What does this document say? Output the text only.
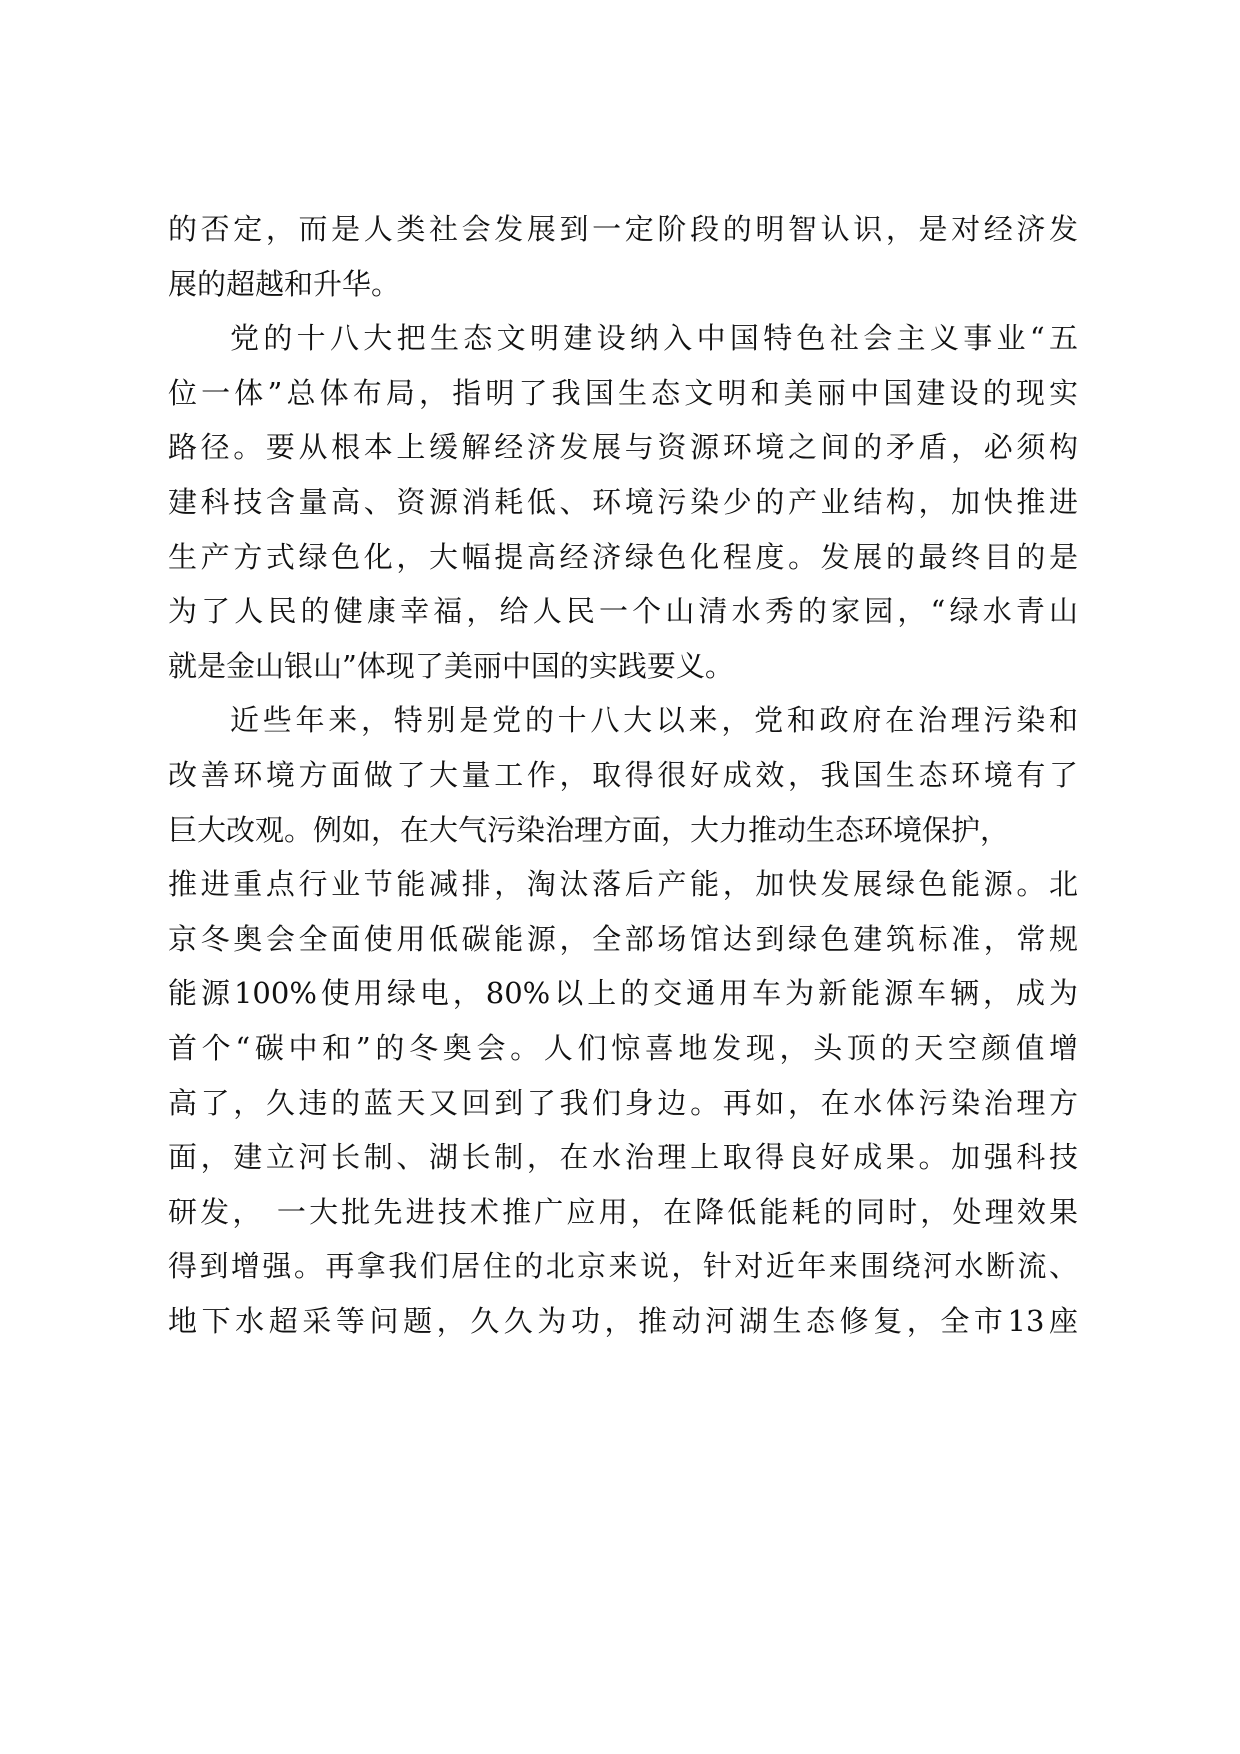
的否定，而是人类社会发展到一定阶段的明智认识，是对经济发
展的超越和升华。
党的十八大把生态文明建设纳入中国特色社会主义事业“五
位一体”总体布局，指明了我国生态文明和美丽中国建设的现实
路径。要从根本上缓解经济发展与资源环境之间的矛盾，必须构
建科技含量高、资源消耗低、环境污染少的产业结构，加快推进
生产方式绿色化，大幅提高经济绿色化程度。发展的最终目的是
为了人民的健康幸福，给人民一个山清水秀的家园，“绿水青山
就是金山银山”体现了美丽中国的实践要义。
近些年来，特别是党的十八大以来，党和政府在治理污染和
改善环境方面做了大量工作，取得很好成效，我国生态环境有了
巨大改观。例如，在大气污染治理方面，大力推动生态环境保护，
推进重点行业节能减排，淘汰落后产能，加快发展绿色能源。北
京冬奥会全面使用低碳能源，全部场馆达到绿色建筑标准，常规
能源100%使用绿电，80%以上的交通用车为新能源车辆，成为
首个“碳中和”的冬奥会。人们惊喜地发现，头顶的天空颜值增
高了，久违的蓝天又回到了我们身边。再如，在水体污染治理方
面，建立河长制、湖长制，在水治理上取得良好成果。加强科技
研发， 一大批先进技术推广应用，在降低能耗的同时，处理效果
得到增强。再拿我们居住的北京来说，针对近年来围绕河水断流、
地下水超采等问题，久久为功，推动河湖生态修复，全市13座
